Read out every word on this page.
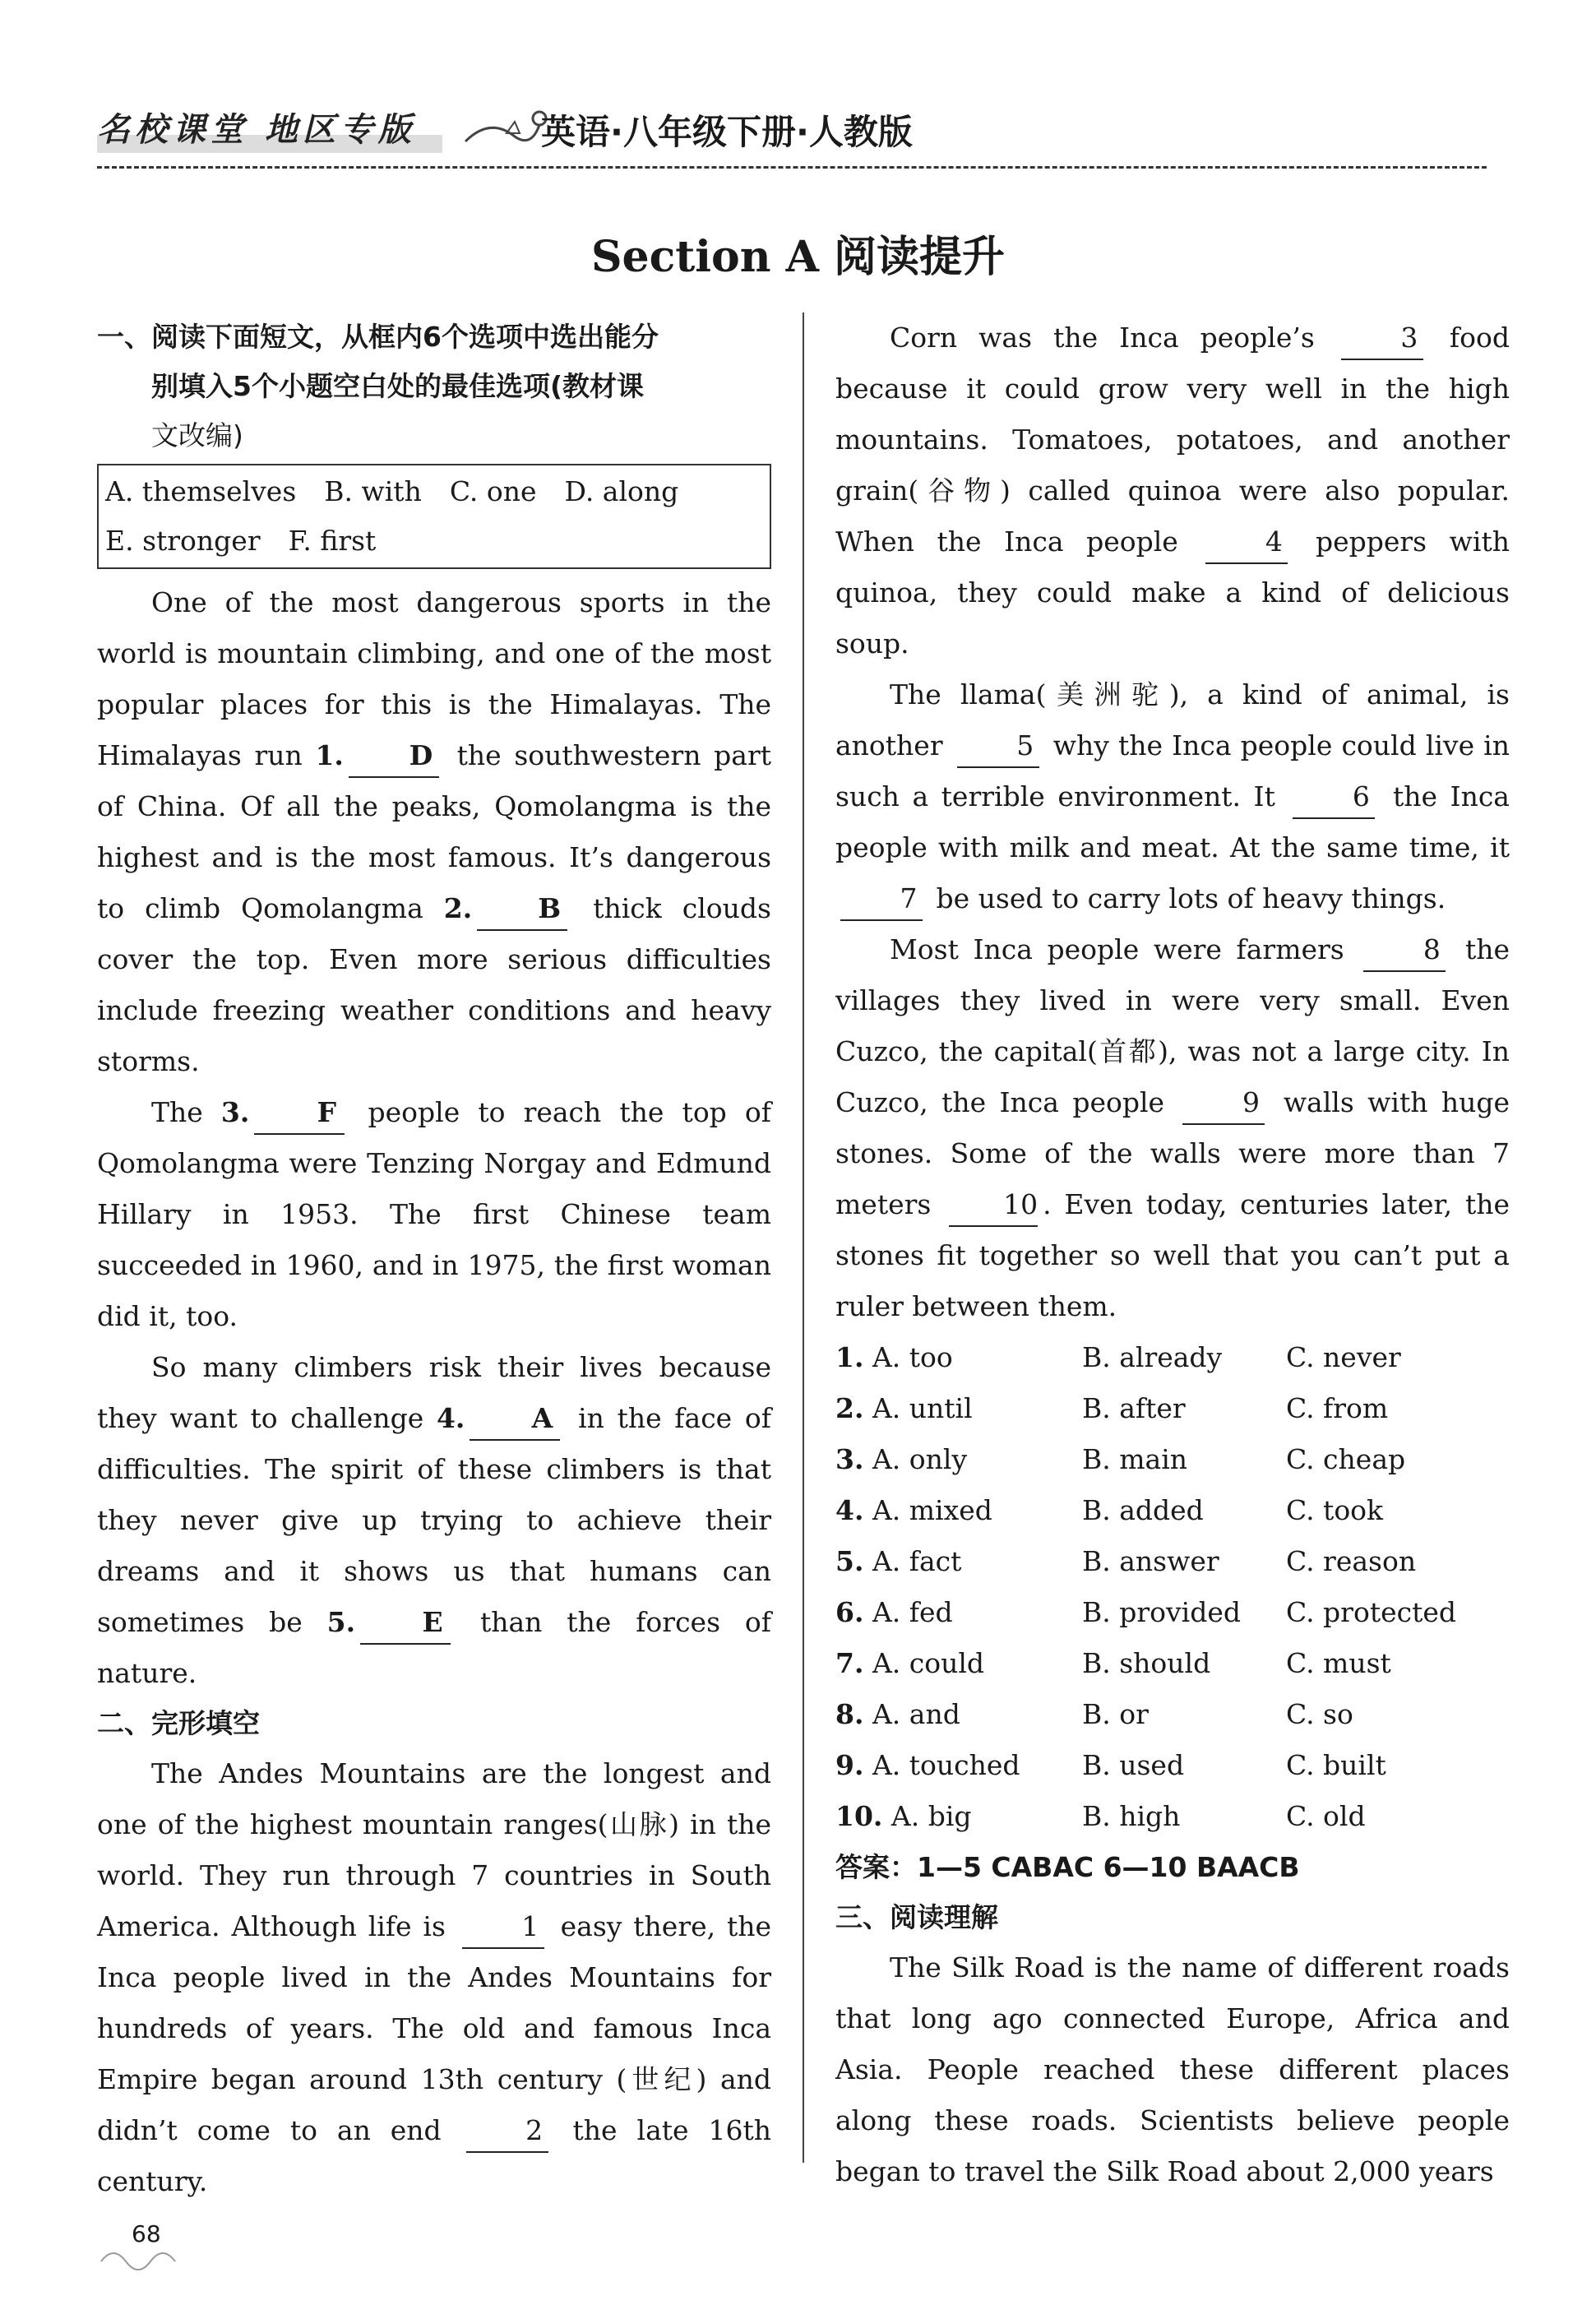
名校课堂 地区专版	英语·八年级下册·人教版
Section A 阅读提升

一、阅读下面短文，从框内6个选项中选出能分

别填入5个小题空白处的最佳选项(教材课

文改编)

A. themselves B. with C. one D. along
E. stronger F. first

One of the most dangerous sports in the world is mountain climbing, and one of the most popular places for this is the Himalayas. The Himalayas run 1. D the southwestern part of China. Of all the peaks, Qomolangma is the highest and is the most famous. It’s dangerous to climb Qomolangma 2. B thick clouds cover the top. Even more serious difficulties include freezing weather conditions and heavy storms.

The 3. F people to reach the top of Qomolangma were Tenzing Norgay and Edmund Hillary in 1953. The first Chinese team succeeded in 1960, and in 1975, the first woman did it, too.

So many climbers risk their lives because they want to challenge 4. A in the face of difficulties. The spirit of these climbers is that they never give up trying to achieve their dreams and it shows us that humans can sometimes be 5. E than the forces of nature.

二、完形填空

The Andes Mountains are the longest and one of the highest mountain ranges(山脉) in the world. They run through 7 countries in South America. Although life is	1 easy there, the Inca people lived in the Andes Mountains for hundreds of years. The old and famous Inca Empire began around 13th century (世纪) and didn’t come to an end	2 the late 16th century.

Corn was the Inca people’s	3 food because it could grow very well in the high mountains. Tomatoes, potatoes, and another grain(谷物) called quinoa were also popular. When the Inca people	4 peppers with quinoa, they could make a kind of delicious soup.

The llama(美洲驼), a kind of animal, is another	5 why the Inca people could live in such a terrible environment. It	6 the Inca people with milk and meat. At the same time, it 7 be used to carry lots of heavy things.

Most Inca people were farmers	8 the villages they lived in were very small. Even Cuzco, the capital(首都), was not a large city. In Cuzco, the Inca people	9 walls with huge stones. Some of the walls were more than 7 meters	10 . Even today, centuries later, the stones fit together so well that you can’t put a ruler between them.

1. A. too	B. already	C. never
2. A. until	B. after	C. from
3. A. only	B. main	C. cheap
4. A. mixed	B. added	C. took
5. A. fact	B. answer	C. reason
6. A. fed	B. provided	C. protected
7. A. could	B. should	C. must
8. A. and	B. or	C. so
9. A. touched	B. used	C. built
10. A. big	B. high	C. old

答案：1—5 CABAC 6—10 BAACB

三、阅读理解

The Silk Road is the name of different roads that long ago connected Europe, Africa and Asia. People reached these different places along these roads. Scientists believe people began to travel the Silk Road about 2,000 years

68
